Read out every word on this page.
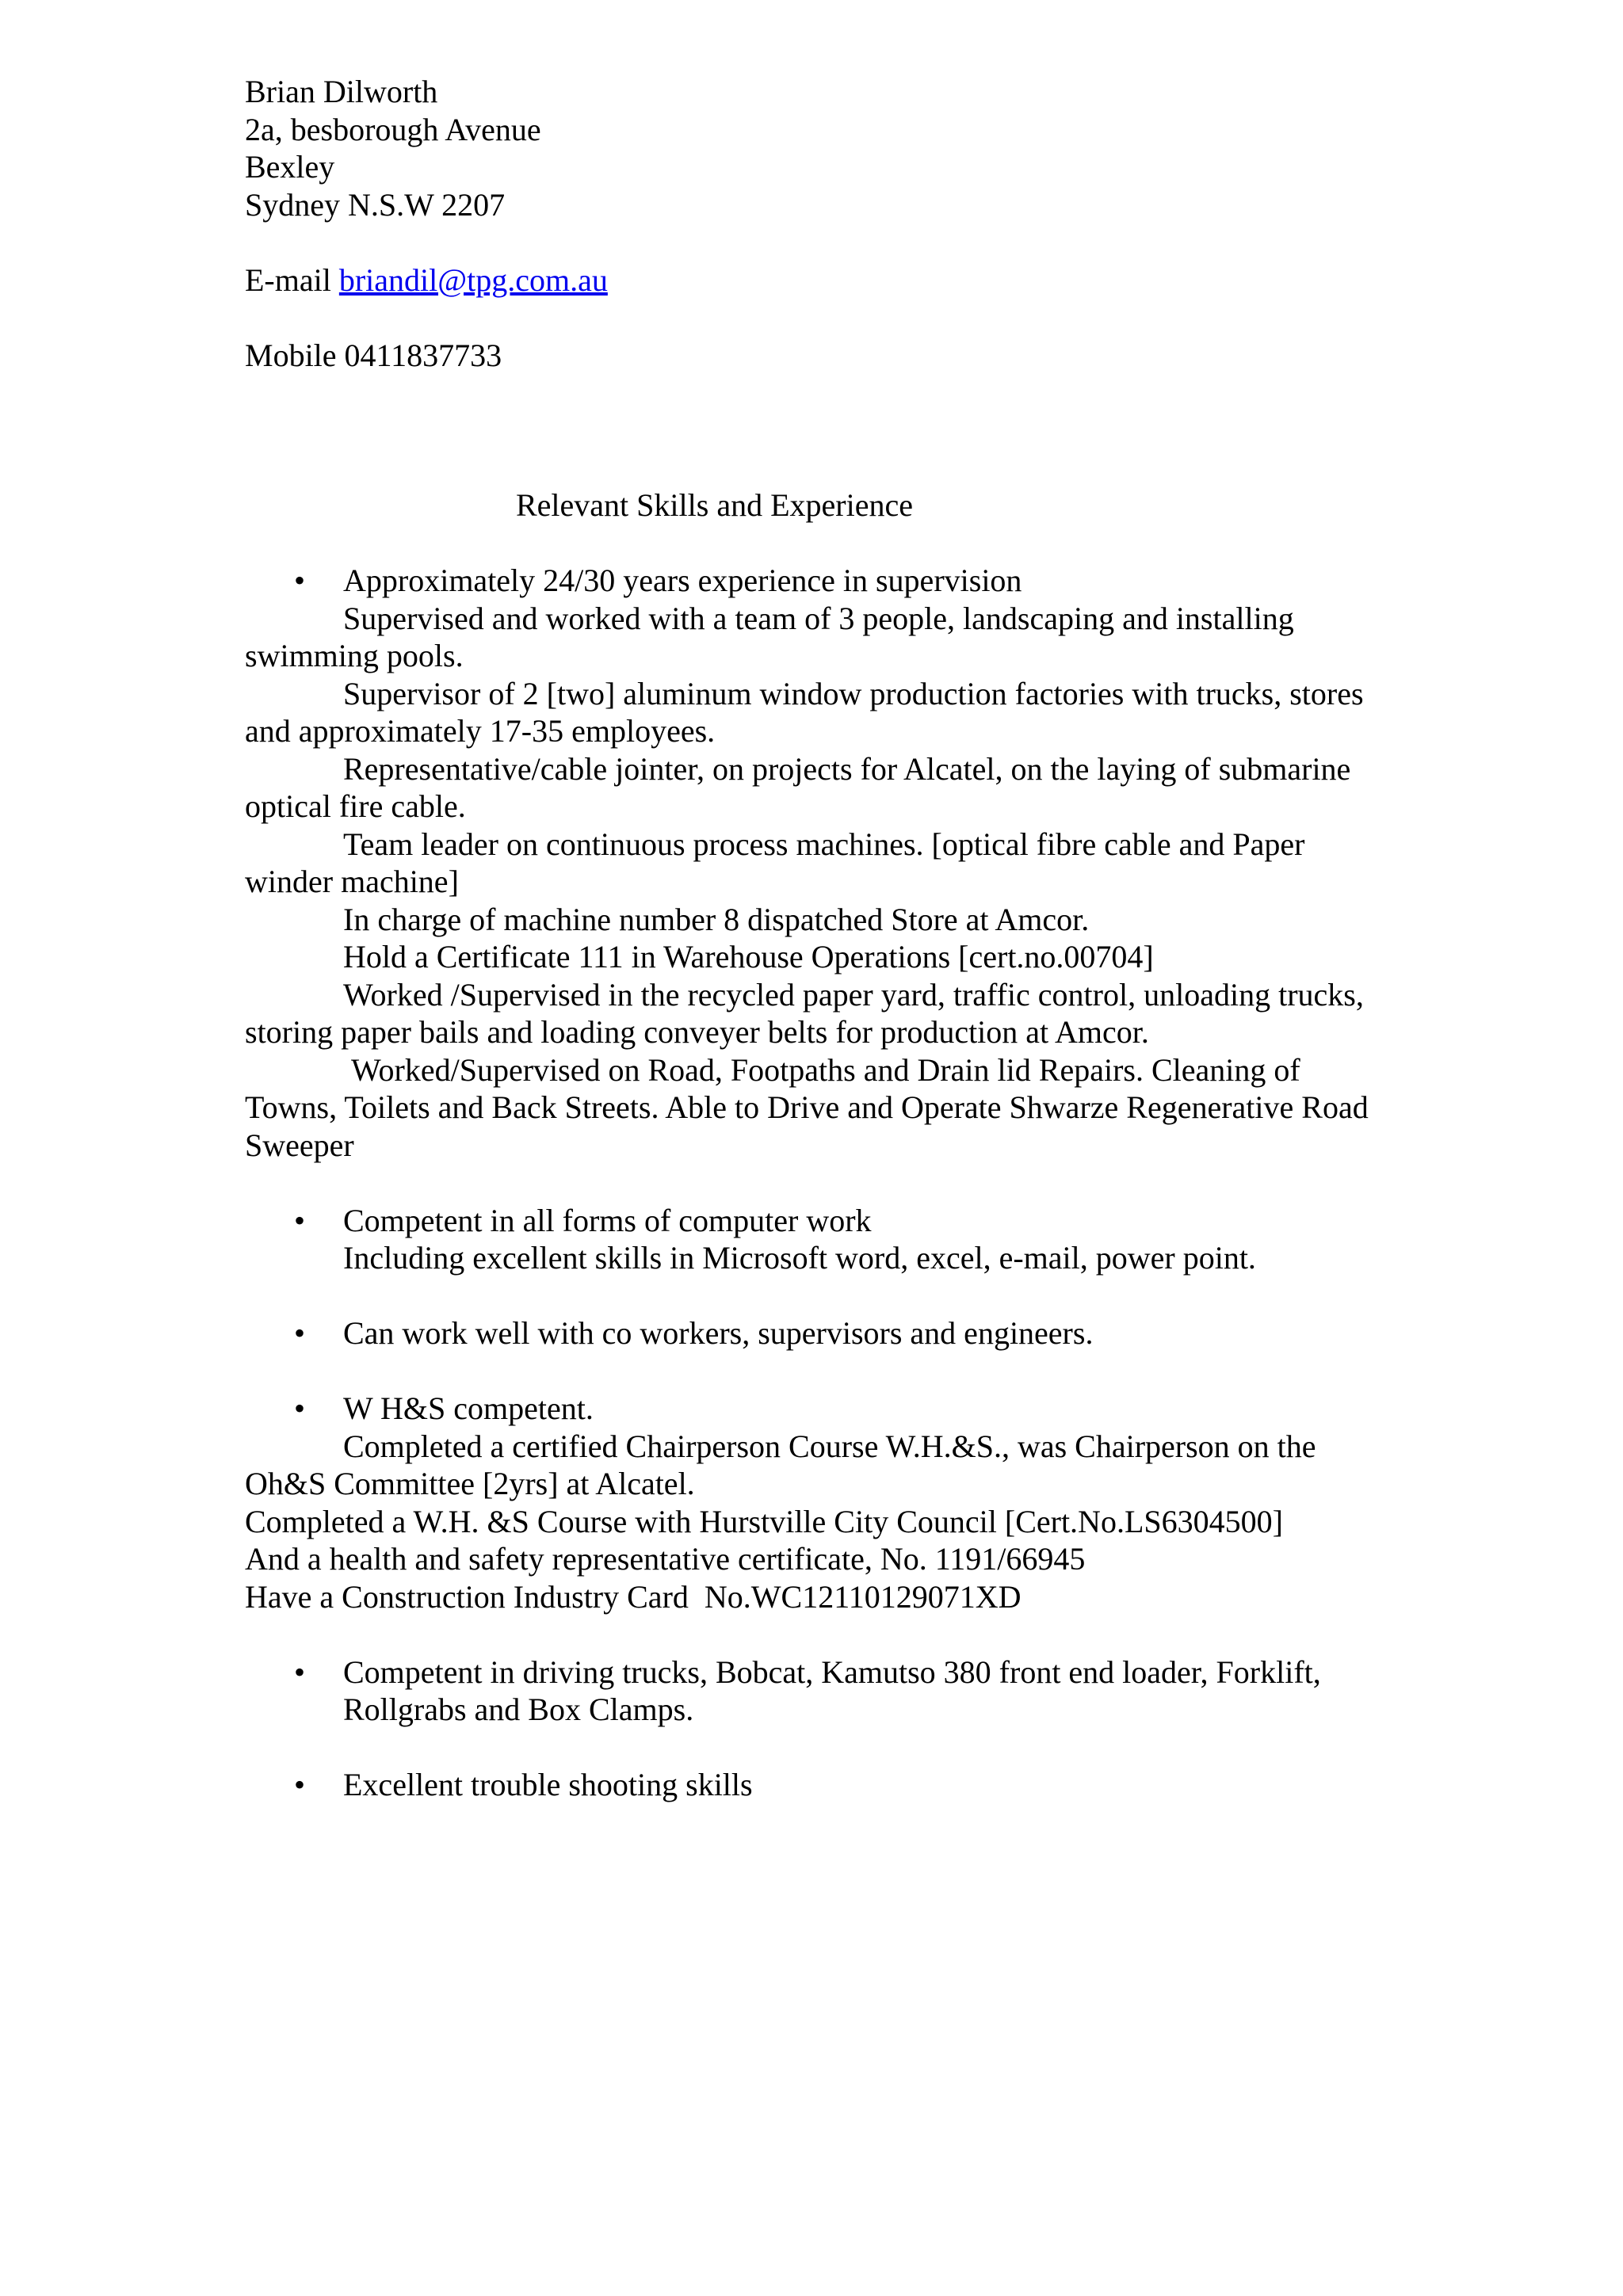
Brian Dilworth
2a, besborough Avenue
Bexley
Sydney N.S.W 2207
E-mail briandil@tpg.com.au
Mobile 0411837733
Relevant Skills and Experience
•	Approximately 24/30 years experience in supervision
Supervised and worked with a team of 3 people, landscaping and installing swimming pools.
Supervisor of 2 [two] aluminum window production factories with trucks, stores and approximately 17-35 employees.
Representative/cable jointer, on projects for Alcatel, on the laying of submarine optical fire cable.
Team leader on continuous process machines. [optical fibre cable and Paper winder machine]
In charge of machine number 8 dispatched Store at Amcor.
Hold a Certificate 111 in Warehouse Operations [cert.no.00704]
Worked /Supervised in the recycled paper yard, traffic control, unloading trucks, storing paper bails and loading conveyer belts for production at Amcor.
Worked/Supervised on Road, Footpaths and Drain lid Repairs. Cleaning of Towns, Toilets and Back Streets. Able to Drive and Operate Shwarze Regenerative Road Sweeper
•	Competent in all forms of computer work
Including excellent skills in Microsoft word, excel, e-mail, power point.
•	Can work well with co workers, supervisors and engineers.
•	W H&S competent.
Completed a certified Chairperson Course W.H.&S., was Chairperson on the Oh&S Committee [2yrs] at Alcatel.
Completed a W.H. &S Course with Hurstville City Council [Cert.No.LS6304500]
And a health and safety representative certificate, No. 1191/66945
Have a Construction Industry Card  No.WC12110129071XD
•	Competent in driving trucks, Bobcat, Kamutso 380 front end loader, Forklift, Rollgrabs and Box Clamps.
•	Excellent trouble shooting skills
